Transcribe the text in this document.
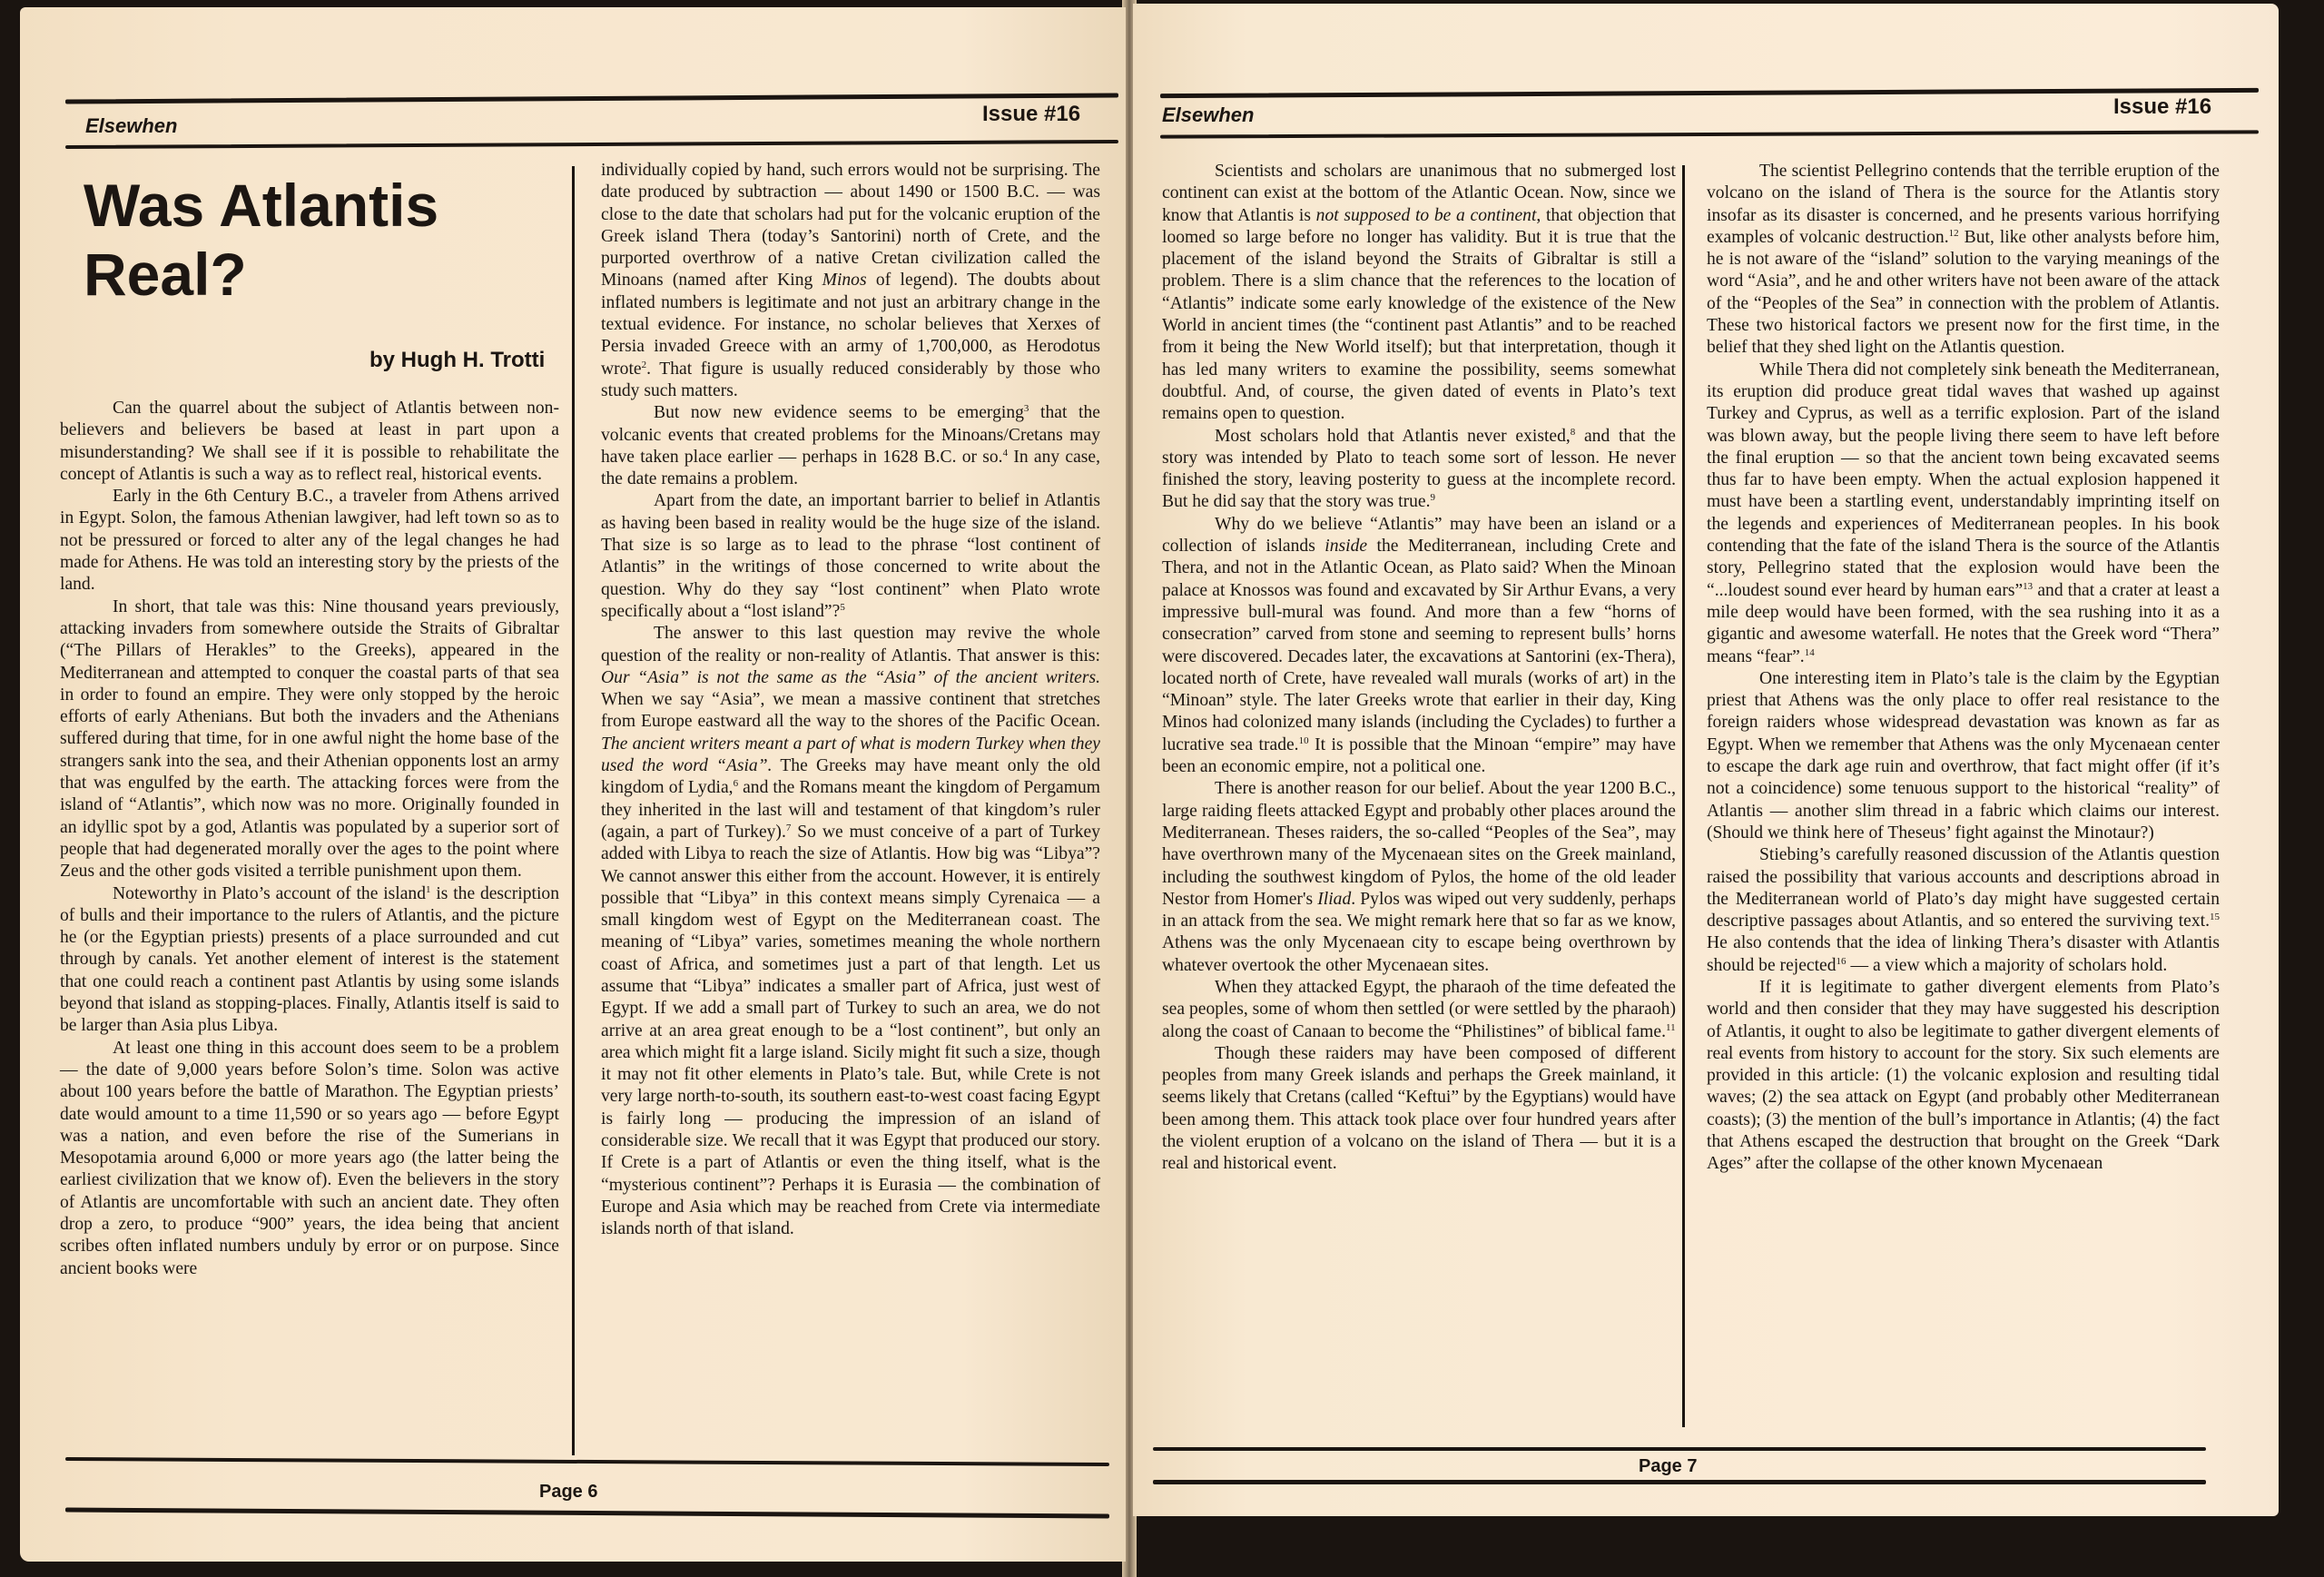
Elsewhen	Issue #16
Was Atlantis
Real?
by Hugh H. Trotti

Can the quarrel about the subject of Atlantis between non-believers and believers be based at least in part upon a misunderstanding? We shall see if it is possible to rehabilitate the concept of Atlantis is such a way as to reflect real, historical events.

Early in the 6th Century B.C., a traveler from Athens arrived in Egypt. Solon, the famous Athenian lawgiver, had left town so as to not be pressured or forced to alter any of the legal changes he had made for Athens. He was told an interesting story by the priests of the land.

In short, that tale was this: Nine thousand years previously, attacking invaders from somewhere outside the Straits of Gibraltar (“The Pillars of Herakles” to the Greeks), appeared in the Mediterranean and attempted to conquer the coastal parts of that sea in order to found an empire. They were only stopped by the heroic efforts of early Athenians. But both the invaders and the Athenians suffered during that time, for in one awful night the home base of the strangers sank into the sea, and their Athenian opponents lost an army that was engulfed by the earth. The attacking forces were from the island of “Atlantis”, which now was no more. Originally founded in an idyllic spot by a god, Atlantis was populated by a superior sort of people that had degenerated morally over the ages to the point where Zeus and the other gods visited a terrible punishment upon them.

Noteworthy in Plato’s account of the island$^1$ is the description of bulls and their importance to the rulers of Atlantis, and the picture he (or the Egyptian priests) presents of a place surrounded and cut through by canals. Yet another element of interest is the statement that one could reach a continent past Atlantis by using some islands beyond that island as stopping-places. Finally, Atlantis itself is said to be larger than Asia plus Libya.

At least one thing in this account does seem to be a problem — the date of 9,000 years before Solon’s time. Solon was active about 100 years before the battle of Marathon. The Egyptian priests’ date would amount to a time 11,590 or so years ago — before Egypt was a nation, and even before the rise of the Sumerians in Mesopotamia around 6,000 or more years ago (the latter being the earliest civilization that we know of). Even the believers in the story of Atlantis are uncomfortable with such an ancient date. They often drop a zero, to produce “900” years, the idea being that ancient scribes often inflated numbers unduly by error or on purpose. Since ancient books were

individually copied by hand, such errors would not be surprising. The date produced by subtraction — about 1490 or 1500 B.C. — was close to the date that scholars had put for the volcanic eruption of the Greek island Thera (today’s Santorini) north of Crete, and the purported overthrow of a native Cretan civilization called the Minoans (named after King Minos of legend). The doubts about inflated numbers is legitimate and not just an arbitrary change in the textual evidence. For instance, no scholar believes that Xerxes of Persia invaded Greece with an army of 1,700,000, as Herodotus wrote$^2$. That figure is usually reduced considerably by those who study such matters.

But now new evidence seems to be emerging$^3$ that the volcanic events that created problems for the Minoans/Cretans may have taken place earlier — perhaps in 1628 B.C. or so.$^4$ In any case, the date remains a problem.

Apart from the date, an important barrier to belief in Atlantis as having been based in reality would be the huge size of the island. That size is so large as to lead to the phrase “lost continent of Atlantis” in the writings of those concerned to write about the question. Why do they say “lost continent” when Plato wrote specifically about a “lost island”?$^5$

The answer to this last question may revive the whole question of the reality or non-reality of Atlantis. That answer is this: Our “Asia” is not the same as the “Asia” of the ancient writers. When we say “Asia”, we mean a massive continent that stretches from Europe eastward all the way to the shores of the Pacific Ocean. The ancient writers meant a part of what is modern Turkey when they used the word “Asia”. The Greeks may have meant only the old kingdom of Lydia,$^6$ and the Romans meant the kingdom of Pergamum they inherited in the last will and testament of that kingdom’s ruler (again, a part of Turkey).$^7$ So we must conceive of a part of Turkey added with Libya to reach the size of Atlantis. How big was “Libya”? We cannot answer this either from the account. However, it is entirely possible that “Libya” in this context means simply Cyrenaica — a small kingdom west of Egypt on the Mediterranean coast. The meaning of “Libya” varies, sometimes meaning the whole northern coast of Africa, and sometimes just a part of that length. Let us assume that “Libya” indicates a smaller part of Africa, just west of Egypt. If we add a small part of Turkey to such an area, we do not arrive at an area great enough to be a “lost continent”, but only an area which might fit a large island. Sicily might fit such a size, though it may not fit other elements in Plato’s tale. But, while Crete is not very large north-to-south, its southern east-to-west coast facing Egypt is fairly long — producing the impression of an island of considerable size. We recall that it was Egypt that produced our story. If Crete is a part of Atlantis or even the thing itself, what is the “mysterious continent”? Perhaps it is Eurasia — the combination of Europe and Asia which may be reached from Crete via intermediate islands north of that island.

Page 6
Elsewhen	Issue #16

Scientists and scholars are unanimous that no submerged lost continent can exist at the bottom of the Atlantic Ocean. Now, since we know that Atlantis is not supposed to be a continent, that objection that loomed so large before no longer has validity. But it is true that the placement of the island beyond the Straits of Gibraltar is still a problem. There is a slim chance that the references to the location of “Atlantis” indicate some early knowledge of the existence of the New World in ancient times (the “continent past Atlantis” and to be reached from it being the New World itself); but that interpretation, though it has led many writers to examine the possibility, seems somewhat doubtful. And, of course, the given dated of events in Plato’s text remains open to question.

Most scholars hold that Atlantis never existed,$^8$ and that the story was intended by Plato to teach some sort of lesson. He never finished the story, leaving posterity to guess at the incomplete record. But he did say that the story was true.$^9$

Why do we believe “Atlantis” may have been an island or a collection of islands inside the Mediterranean, including Crete and Thera, and not in the Atlantic Ocean, as Plato said? When the Minoan palace at Knossos was found and excavated by Sir Arthur Evans, a very impressive bull-mural was found. And more than a few “horns of consecration” carved from stone and seeming to represent bulls’ horns were discovered. Decades later, the excavations at Santorini (ex-Thera), located north of Crete, have revealed wall murals (works of art) in the “Minoan” style. The later Greeks wrote that earlier in their day, King Minos had colonized many islands (including the Cyclades) to further a lucrative sea trade.$^{10}$ It is possible that the Minoan “empire” may have been an economic empire, not a political one.

There is another reason for our belief. About the year 1200 B.C., large raiding fleets attacked Egypt and probably other places around the Mediterranean. Theses raiders, the so-called “Peoples of the Sea”, may have overthrown many of the Mycenaean sites on the Greek mainland, including the southwest kingdom of Pylos, the home of the old leader Nestor from Homer's Iliad. Pylos was wiped out very suddenly, perhaps in an attack from the sea. We might remark here that so far as we know, Athens was the only Mycenaean city to escape being overthrown by whatever overtook the other Mycenaean sites.

When they attacked Egypt, the pharaoh of the time defeated the sea peoples, some of whom then settled (or were settled by the pharaoh) along the coast of Canaan to become the “Philistines” of biblical fame.$^{11}$

Though these raiders may have been composed of different peoples from many Greek islands and perhaps the Greek mainland, it seems likely that Cretans (called “Keftui” by the Egyptians) would have been among them. This attack took place over four hundred years after the violent eruption of a volcano on the island of Thera — but it is a real and historical event.

The scientist Pellegrino contends that the terrible eruption of the volcano on the island of Thera is the source for the Atlantis story insofar as its disaster is concerned, and he presents various horrifying examples of volcanic destruction.$^{12}$ But, like other analysts before him, he is not aware of the “island” solution to the varying meanings of the word “Asia”, and he and other writers have not been aware of the attack of the “Peoples of the Sea” in connection with the problem of Atlantis. These two historical factors we present now for the first time, in the belief that they shed light on the Atlantis question.

While Thera did not completely sink beneath the Mediterranean, its eruption did produce great tidal waves that washed up against Turkey and Cyprus, as well as a terrific explosion. Part of the island was blown away, but the people living there seem to have left before the final eruption — so that the ancient town being excavated seems thus far to have been empty. When the actual explosion happened it must have been a startling event, understandably imprinting itself on the legends and experiences of Mediterranean peoples. In his book contending that the fate of the island Thera is the source of the Atlantis story, Pellegrino stated that the explosion would have been the “...loudest sound ever heard by human ears”$^{13}$ and that a crater at least a mile deep would have been formed, with the sea rushing into it as a gigantic and awesome waterfall. He notes that the Greek word “Thera” means “fear”.$^{14}$

One interesting item in Plato’s tale is the claim by the Egyptian priest that Athens was the only place to offer real resistance to the foreign raiders whose widespread devastation was known as far as Egypt. When we remember that Athens was the only Mycenaean center to escape the dark age ruin and overthrow, that fact might offer (if it’s not a coincidence) some tenuous support to the historical “reality” of Atlantis — another slim thread in a fabric which claims our interest. (Should we think here of Theseus’ fight against the Minotaur?)

Stiebing’s carefully reasoned discussion of the Atlantis question raised the possibility that various accounts and descriptions abroad in the Mediterranean world of Plato’s day might have suggested certain descriptive passages about Atlantis, and so entered the surviving text.$^{15}$ He also contends that the idea of linking Thera’s disaster with Atlantis should be rejected$^{16}$ — a view which a majority of scholars hold.

If it is legitimate to gather divergent elements from Plato’s world and then consider that they may have suggested his description of Atlantis, it ought to also be legitimate to gather divergent elements of real events from history to account for the story. Six such elements are provided in this article: (1) the volcanic explosion and resulting tidal waves; (2) the sea attack on Egypt (and probably other Mediterranean coasts); (3) the mention of the bull’s importance in Atlantis; (4) the fact that Athens escaped the destruction that brought on the Greek “Dark Ages” after the collapse of the other known Mycenaean

Page 7
